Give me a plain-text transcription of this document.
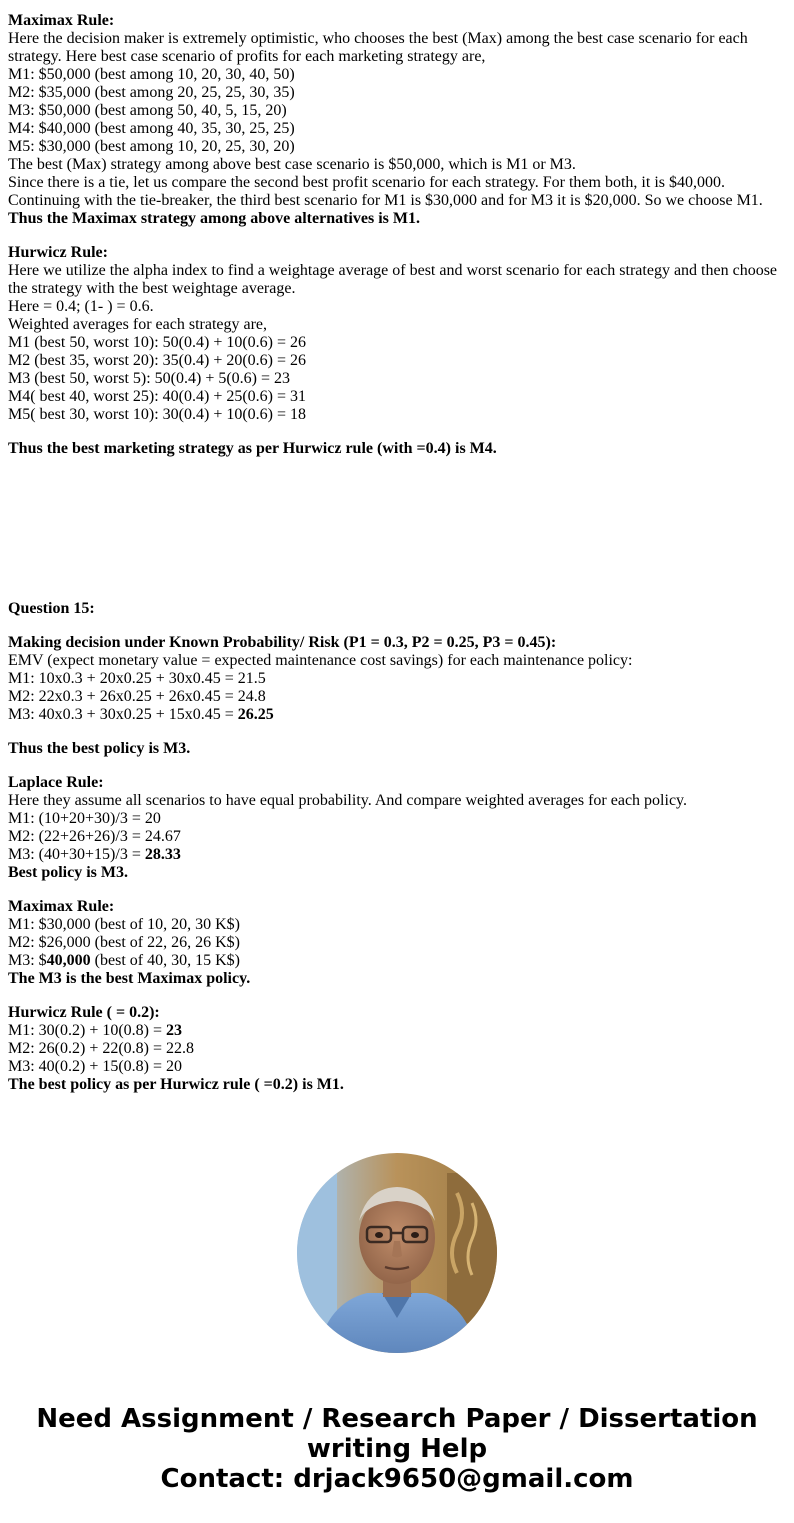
Maximax Rule:
Here the decision maker is extremely optimistic, who chooses the best (Max) among the best case scenario for each strategy. Here best case scenario of profits for each marketing strategy are,
M1: $50,000 (best among 10, 20, 30, 40, 50)
M2: $35,000 (best among 20, 25, 25, 30, 35)
M3: $50,000 (best among 50, 40, 5, 15, 20)
M4: $40,000 (best among 40, 35, 30, 25, 25)
M5: $30,000 (best among 10, 20, 25, 30, 20)
The best (Max) strategy among above best case scenario is $50,000, which is M1 or M3.
Since there is a tie, let us compare the second best profit scenario for each strategy. For them both, it is $40,000. Continuing with the tie-breaker, the third best scenario for M1 is $30,000 and for M3 it is $20,000. So we choose M1.
Thus the Maximax strategy among above alternatives is M1.
Hurwicz Rule:
Here we utilize the alpha index to find a weightage average of best and worst scenario for each strategy and then choose the strategy with the best weightage average.
Here = 0.4; (1- ) = 0.6.
Weighted averages for each strategy are,
M1 (best 50, worst 10): 50(0.4) + 10(0.6) = 26
M2 (best 35, worst 20): 35(0.4) + 20(0.6) = 26
M3 (best 50, worst 5): 50(0.4) + 5(0.6) = 23
M4( best 40, worst 25): 40(0.4) + 25(0.6) = 31
M5( best 30, worst 10): 30(0.4) + 10(0.6) = 18
Thus the best marketing strategy as per Hurwicz rule (with =0.4) is M4.
Question 15:
Making decision under Known Probability/ Risk (P1 = 0.3, P2 = 0.25, P3 = 0.45):
EMV (expect monetary value = expected maintenance cost savings) for each maintenance policy:
M1: 10x0.3 + 20x0.25 + 30x0.45 = 21.5
M2: 22x0.3 + 26x0.25 + 26x0.45 = 24.8
M3: 40x0.3 + 30x0.25 + 15x0.45 = 26.25
Thus the best policy is M3.
Laplace Rule:
Here they assume all scenarios to have equal probability. And compare weighted averages for each policy.
M1: (10+20+30)/3 = 20
M2: (22+26+26)/3 = 24.67
M3: (40+30+15)/3 = 28.33
Best policy is M3.
Maximax Rule:
M1: $30,000 (best of 10, 20, 30 K$)
M2: $26,000 (best of 22, 26, 26 K$)
M3: $40,000 (best of 40, 30, 15 K$)
The M3 is the best Maximax policy.
Hurwicz Rule ( = 0.2):
M1: 30(0.2) + 10(0.8) = 23
M2: 26(0.2) + 22(0.8) = 22.8
M3: 40(0.2) + 15(0.8) = 20
The best policy as per Hurwicz rule ( =0.2) is M1.
Need Assignment / Research Paper / Dissertation
writing Help
Contact: drjack9650@gmail.com
